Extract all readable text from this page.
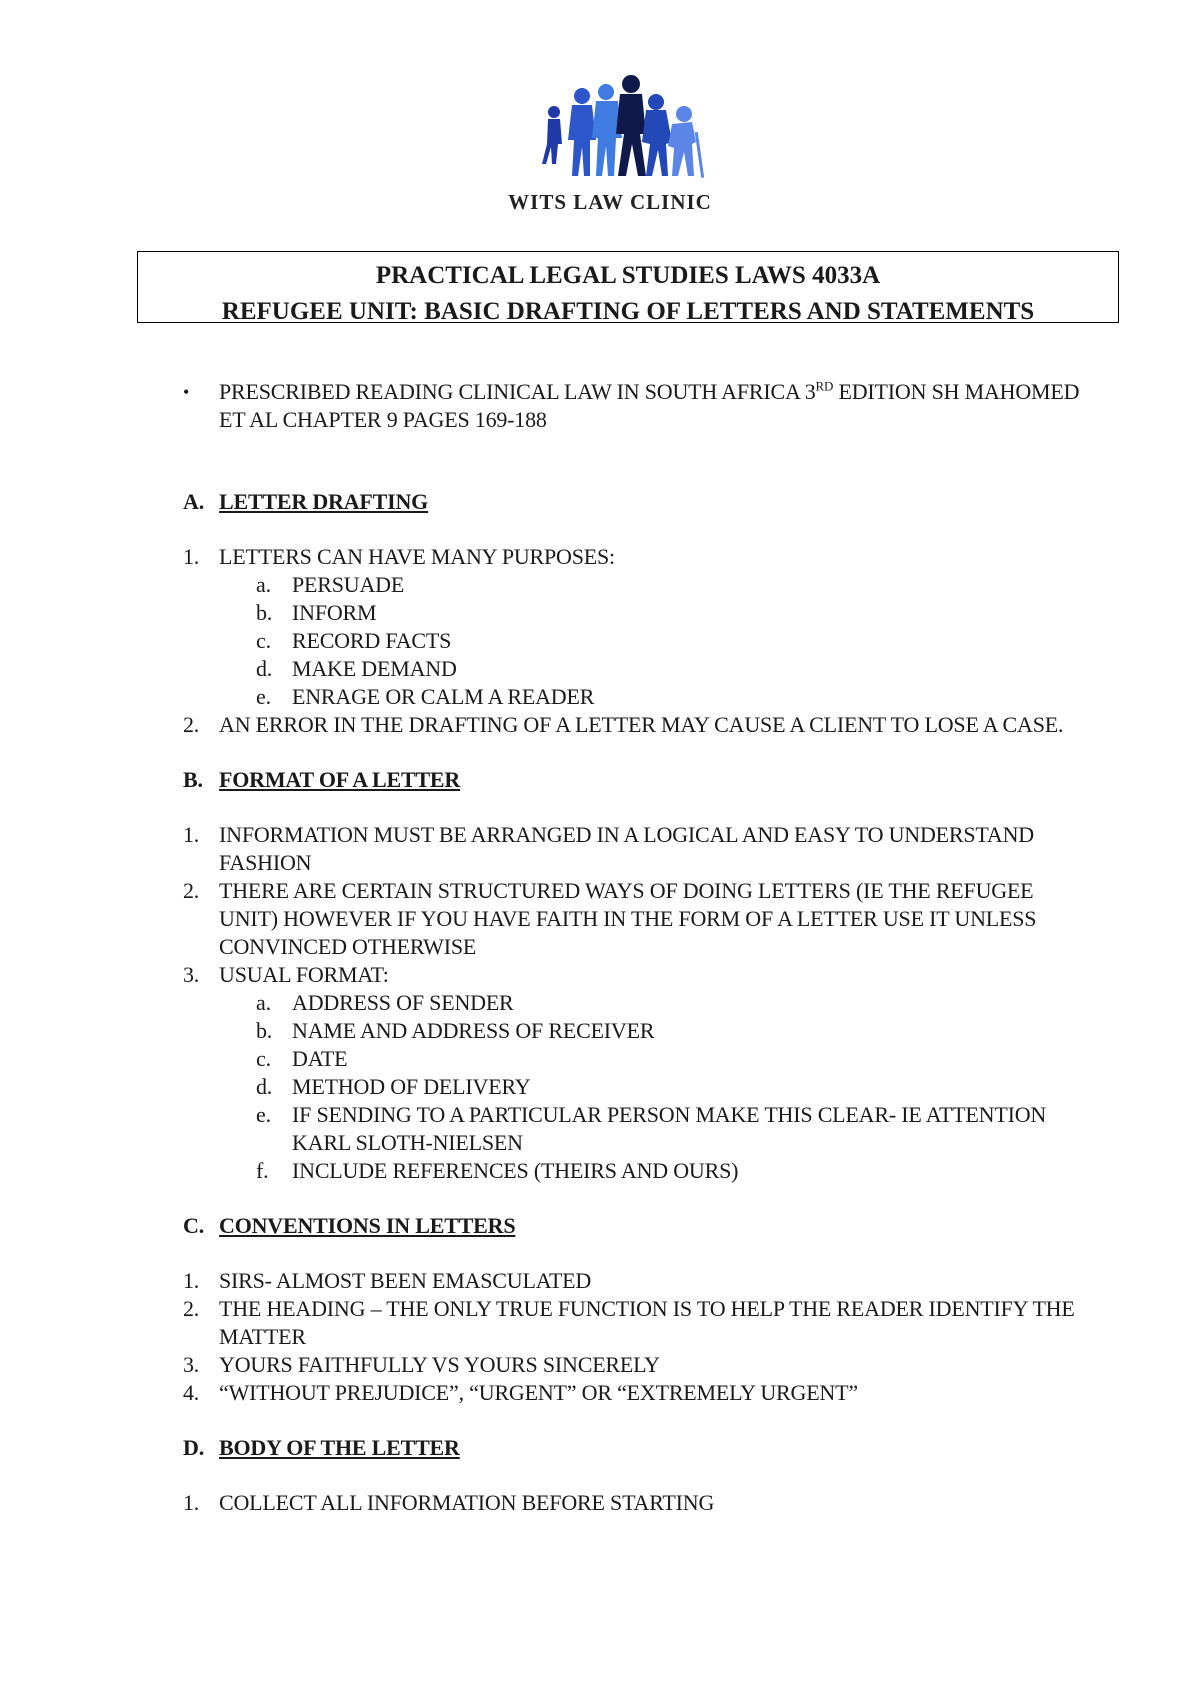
WITS LAW CLINIC
PRACTICAL LEGAL STUDIES LAWS 4033A
REFUGEE UNIT: BASIC DRAFTING OF LETTERS AND STATEMENTS
•	PRESCRIBED READING CLINICAL LAW IN SOUTH AFRICA 3RD EDITION SH MAHOMED ET AL CHAPTER 9 PAGES 169-188
A. LETTER DRAFTING
1. LETTERS CAN HAVE MANY PURPOSES:
a. PERSUADE
b. INFORM
c. RECORD FACTS
d. MAKE DEMAND
e. ENRAGE OR CALM A READER
2. AN ERROR IN THE DRAFTING OF A LETTER MAY CAUSE A CLIENT TO LOSE A CASE.
B. FORMAT OF A LETTER
1. INFORMATION MUST BE ARRANGED IN A LOGICAL AND EASY TO UNDERSTAND FASHION
2. THERE ARE CERTAIN STRUCTURED WAYS OF DOING LETTERS (IE THE REFUGEE UNIT) HOWEVER IF YOU HAVE FAITH IN THE FORM OF A LETTER USE IT UNLESS CONVINCED OTHERWISE
3. USUAL FORMAT:
a. ADDRESS OF SENDER
b. NAME AND ADDRESS OF RECEIVER
c. DATE
d. METHOD OF DELIVERY
e. IF SENDING TO A PARTICULAR PERSON MAKE THIS CLEAR- IE ATTENTION KARL SLOTH-NIELSEN
f.	INCLUDE REFERENCES (THEIRS AND OURS)
C. CONVENTIONS IN LETTERS
1. SIRS- ALMOST BEEN EMASCULATED
2. THE HEADING – THE ONLY TRUE FUNCTION IS TO HELP THE READER IDENTIFY THE MATTER
3. YOURS FAITHFULLY VS YOURS SINCERELY
4. “WITHOUT PREJUDICE”, “URGENT” OR “EXTREMELY URGENT”
D. BODY OF THE LETTER
1. COLLECT ALL INFORMATION BEFORE STARTING
